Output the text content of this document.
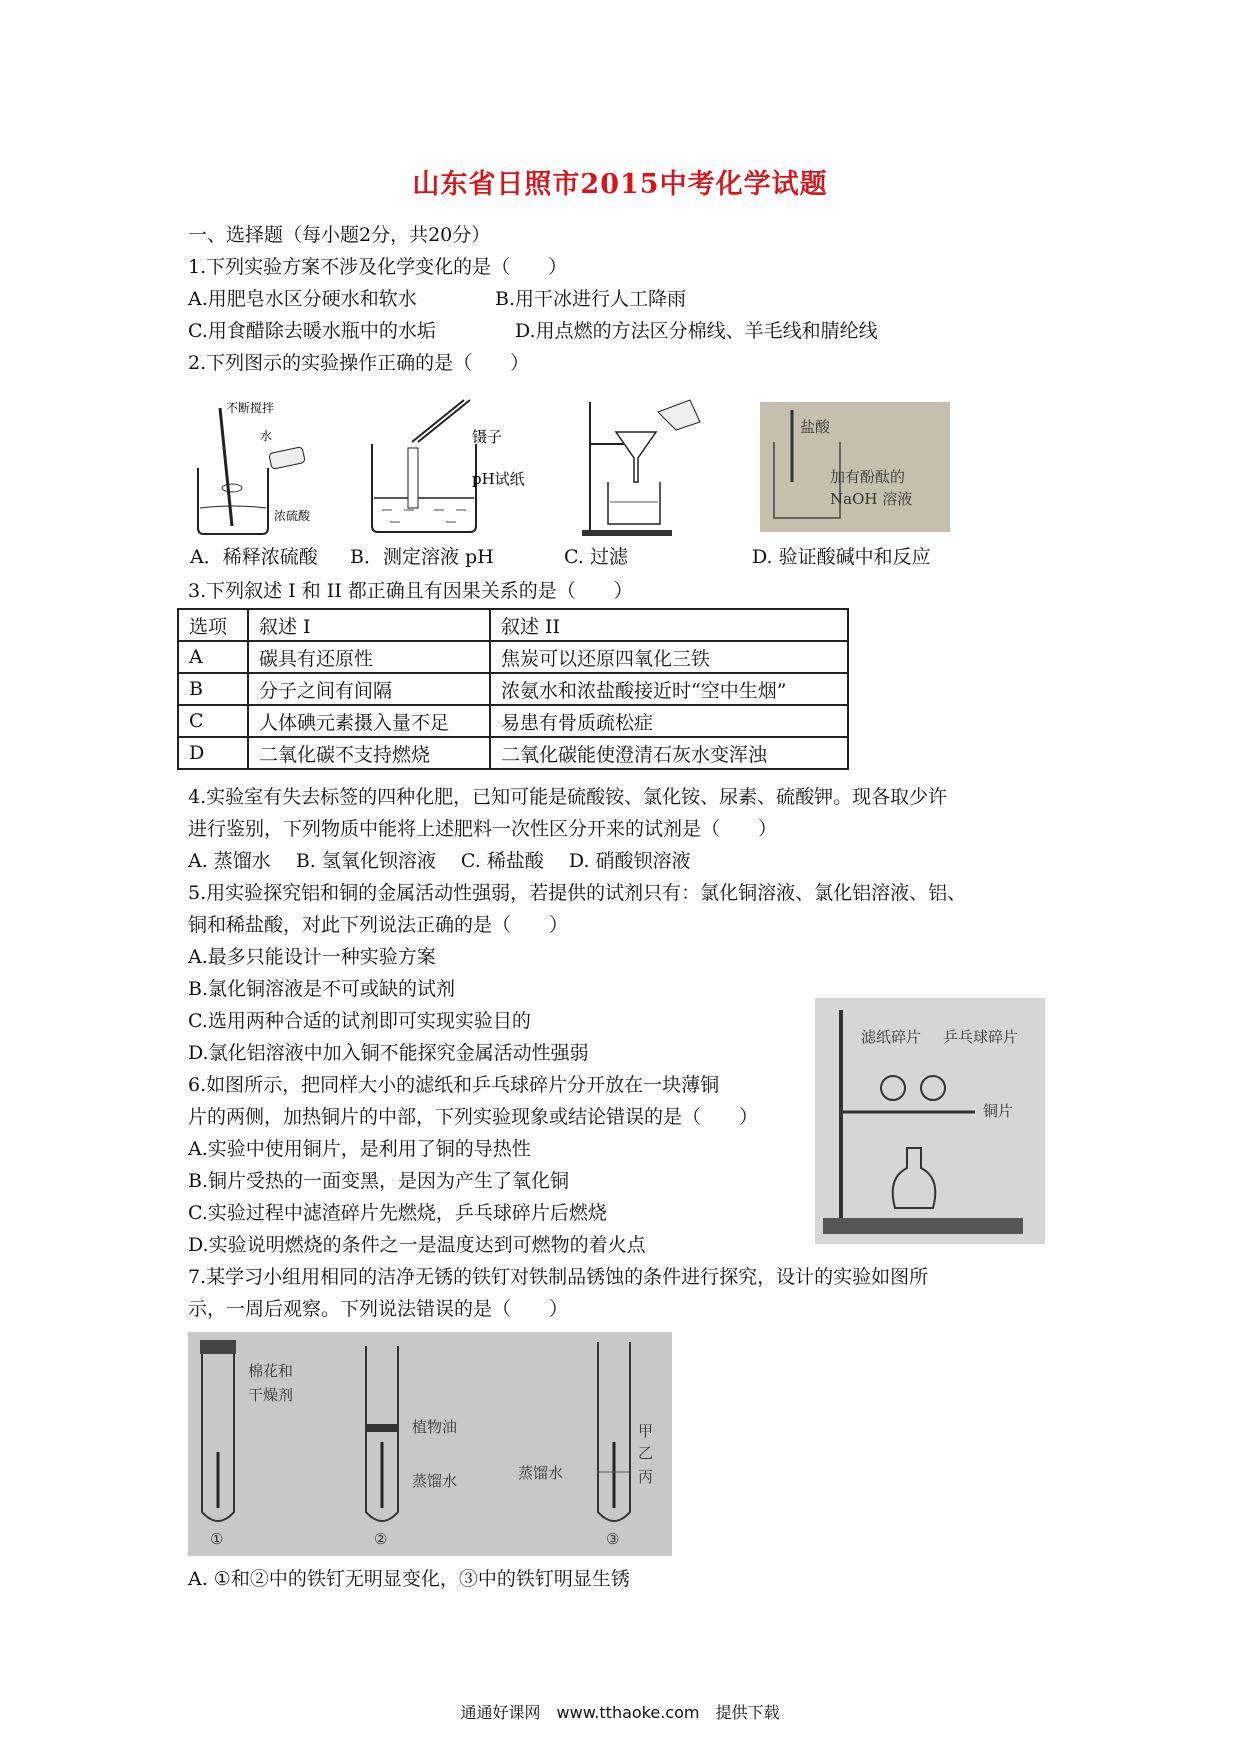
山东省日照市2015中考化学试题
一、选择题（每小题2分，共20分）
1.下列实验方案不涉及化学变化的是（　　）
A.用肥皂水区分硬水和软水	B.用干冰进行人工降雨
C.用食醋除去暖水瓶中的水垢	D.用点燃的方法区分棉线、羊毛线和腈纶线
2.下列图示的实验操作正确的是（　　）
不断搅拌
水
浓硫酸
镊子
pH试纸
盐酸
加有酚酞的
NaOH 溶液
A．稀释浓硫酸 B．测定溶液 pH	C. 过滤	D. 验证酸碱中和反应
3.下列叙述 I 和 II 都正确且有因果关系的是（　　）
选项	叙述 I	叙述 II
A	碳具有还原性	焦炭可以还原四氧化三铁
B	分子之间有间隔	浓氨水和浓盐酸接近时“空中生烟”
C	人体碘元素摄入量不足	易患有骨质疏松症
D	二氧化碳不支持燃烧	二氧化碳能使澄清石灰水变浑浊
4.实验室有失去标签的四种化肥，已知可能是硫酸铵、氯化铵、尿素、硫酸钾。现各取少许
进行鉴别，下列物质中能将上述肥料一次性区分开来的试剂是（　　）
A. 蒸馏水　 B. 氢氧化钡溶液　 C. 稀盐酸　 D. 硝酸钡溶液
5.用实验探究铝和铜的金属活动性强弱，若提供的试剂只有：氯化铜溶液、氯化铝溶液、铝、
铜和稀盐酸，对此下列说法正确的是（　　）
A.最多只能设计一种实验方案
B.氯化铜溶液是不可或缺的试剂
C.选用两种合适的试剂即可实现实验目的
D.氯化铝溶液中加入铜不能探究金属活动性强弱
滤纸碎片 乒乓球碎片
铜片
6.如图所示，把同样大小的滤纸和乒乓球碎片分开放在一块薄铜
片的两侧，加热铜片的中部，下列实验现象或结论错误的是（　　）
A.实验中使用铜片，是利用了铜的导热性
B.铜片受热的一面变黑，是因为产生了氧化铜
C.实验过程中滤渣碎片先燃烧，乒乓球碎片后燃烧
D.实验说明燃烧的条件之一是温度达到可燃物的着火点
7.某学习小组用相同的洁净无锈的铁钉对铁制品锈蚀的条件进行探究，设计的实验如图所
示，一周后观察。下列说法错误的是（　　）
棉花和
干燥剂
①
植物油
蒸馏水
②
甲
乙
丙
蒸馏水
③
A. ①和②中的铁钉无明显变化，③中的铁钉明显生锈
通通好课网　www.tthaoke.com　提供下载
